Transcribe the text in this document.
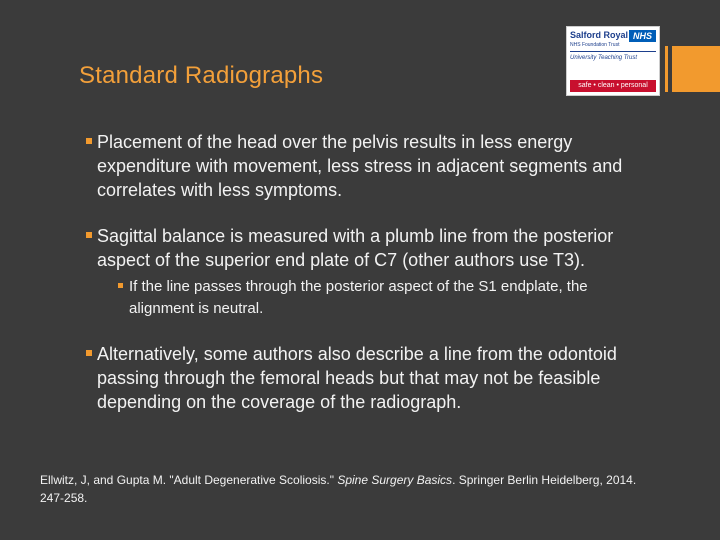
Standard Radiographs
Salford Royal NHS
NHS Foundation Trust
University Teaching Trust
safe • clean • personal
Placement of the head over the pelvis results in less energy expenditure with movement, less stress in adjacent segments and correlates with less symptoms.
Sagittal balance is measured with a plumb line from the posterior aspect of the superior end plate of C7 (other authors use T3).
If the line passes through the posterior aspect of the S1 endplate, the alignment is neutral.
Alternatively, some authors also describe a line from the odontoid passing through the femoral heads but that may not be feasible depending on the coverage of the radiograph.
Ellwitz, J, and Gupta M. "Adult Degenerative Scoliosis." Spine Surgery Basics. Springer Berlin Heidelberg, 2014. 247-258.
